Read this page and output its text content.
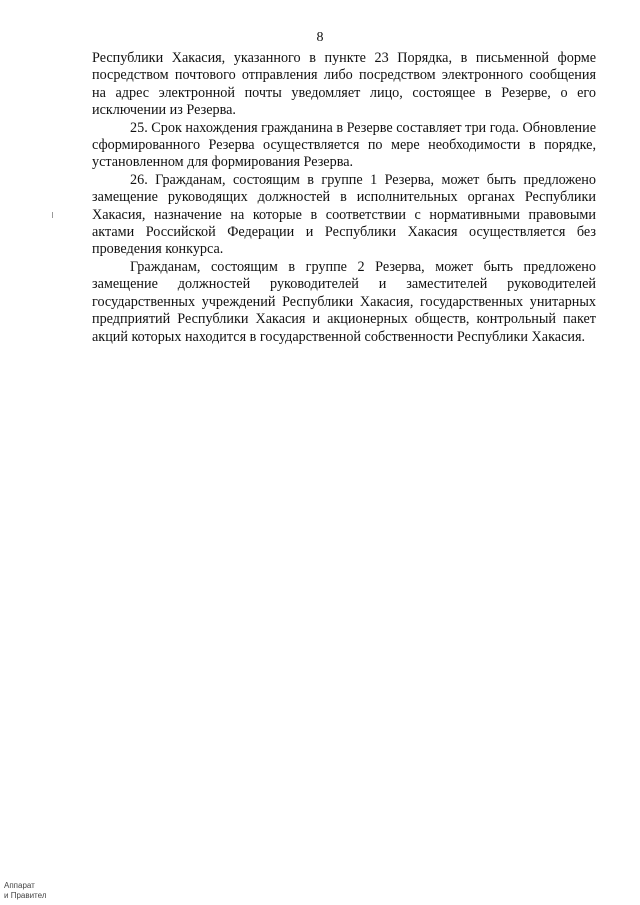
8

Республики Хакасия, указанного в пункте 23 Порядка, в письменной форме посредством почтового отправления либо посредством электронного сообщения на адрес электронной почты уведомляет лицо, состоящее в Резерве, о его исключении из Резерва.

25. Срок нахождения гражданина в Резерве составляет три года. Обновление сформированного Резерва осуществляется по мере необходимости в порядке, установленном для формирования Резерва.

26. Гражданам, состоящим в группе 1 Резерва, может быть предложено замещение руководящих должностей в исполнительных органах Республики Хакасия, назначение на которые в соответствии с нормативными правовыми актами Российской Федерации и Республики Хакасия осуществляется без проведения конкурса.

Гражданам, состоящим в группе 2 Резерва, может быть предложено замещение должностей руководителей и заместителей руководителей государственных учреждений Республики Хакасия, государственных унитарных предприятий Республики Хакасия и акционерных обществ, контрольный пакет акций которых находится в государственной собственности Республики Хакасия.

Аппарат
и Правител
